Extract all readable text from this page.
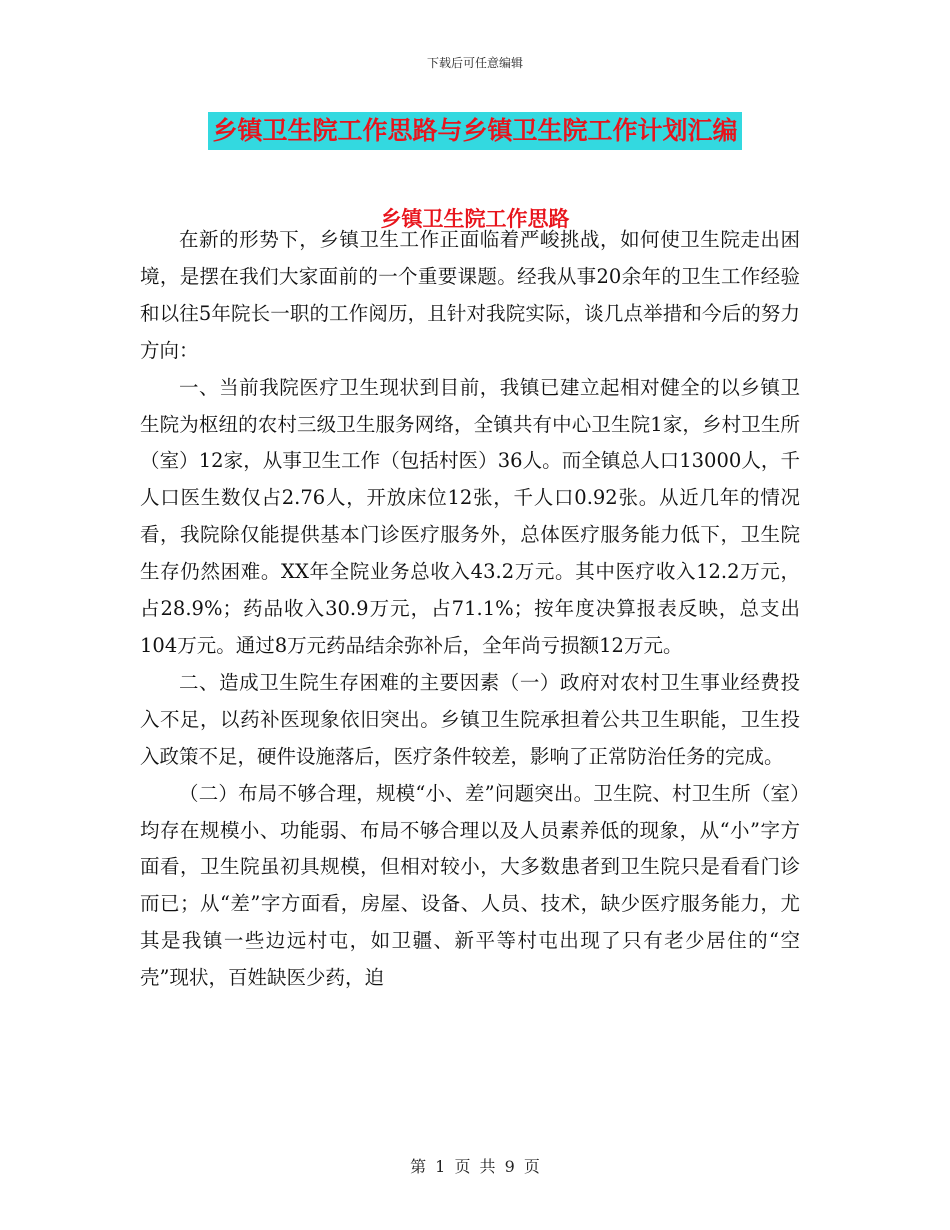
下载后可任意编辑
乡镇卫生院工作思路与乡镇卫生院工作计划汇编
乡镇卫生院工作思路

在新的形势下，乡镇卫生工作正面临着严峻挑战，如何使卫生院走出困境，是摆在我们大家面前的一个重要课题。经我从事20余年的卫生工作经验和以往5年院长一职的工作阅历，且针对我院实际，谈几点举措和今后的努力方向：

一、当前我院医疗卫生现状到目前，我镇已建立起相对健全的以乡镇卫生院为枢纽的农村三级卫生服务网络，全镇共有中心卫生院1家，乡村卫生所（室）12家，从事卫生工作（包括村医）36人。而全镇总人口13000人，千人口医生数仅占2.76人，开放床位12张，千人口0.92张。从近几年的情况看，我院除仅能提供基本门诊医疗服务外，总体医疗服务能力低下，卫生院生存仍然困难。XX年全院业务总收入43.2万元。其中医疗收入12.2万元，占28.9%；药品收入30.9万元，占71.1%；按年度决算报表反映，总支出104万元。通过8万元药品结余弥补后，全年尚亏损额12万元。

二、造成卫生院生存困难的主要因素（一）政府对农村卫生事业经费投入不足，以药补医现象依旧突出。乡镇卫生院承担着公共卫生职能，卫生投入政策不足，硬件设施落后，医疗条件较差，影响了正常防治任务的完成。

（二）布局不够合理，规模“小、差”问题突出。卫生院、村卫生所（室）均存在规模小、功能弱、布局不够合理以及人员素养低的现象，从“小”字方面看，卫生院虽初具规模，但相对较小，大多数患者到卫生院只是看看门诊而已；从“差”字方面看，房屋、设备、人员、技术，缺少医疗服务能力，尤其是我镇一些边远村屯，如卫疆、新平等村屯出现了只有老少居住的“空壳”现状，百姓缺医少药，迫

第 1 页 共 9 页
